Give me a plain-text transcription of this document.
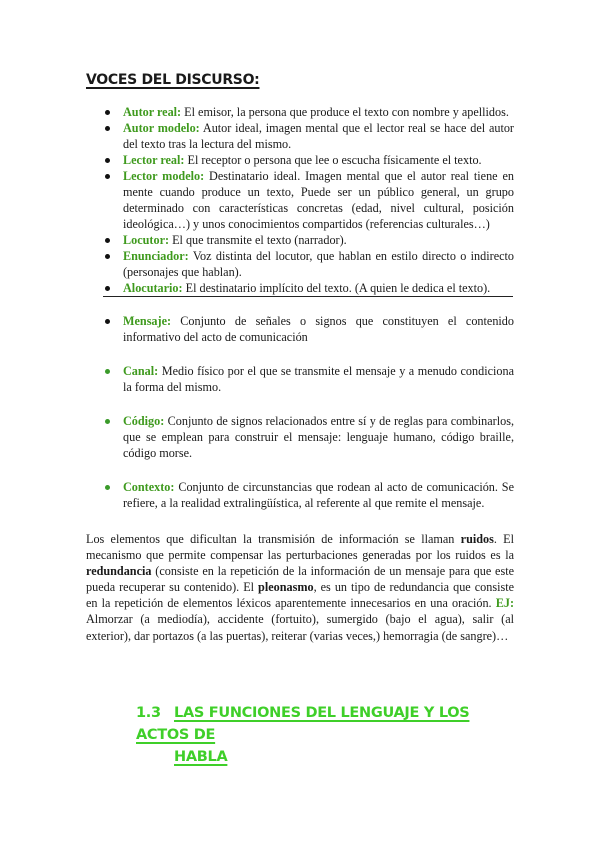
VOCES DEL DISCURSO:
Autor real: El emisor, la persona que produce el texto con nombre y apellidos.
Autor modelo: Autor ideal, imagen mental que el lector real se hace del autor del texto tras la lectura del mismo.
Lector real: El receptor o persona que lee o escucha físicamente el texto.
Lector modelo: Destinatario ideal. Imagen mental que el autor real tiene en mente cuando produce un texto, Puede ser un público general, un grupo determinado con características concretas (edad, nivel cultural, posición ideológica…) y unos conocimientos compartidos (referencias culturales…)
Locutor: El que transmite el texto (narrador).
Enunciador: Voz distinta del locutor, que hablan en estilo directo o indirecto (personajes que hablan).
Alocutario: El destinatario implícito del texto. (A quien le dedica el texto).
Mensaje: Conjunto de señales o signos que constituyen el contenido informativo del acto de comunicación
Canal: Medio físico por el que se transmite el mensaje y a menudo condiciona la forma del mismo.
Código: Conjunto de signos relacionados entre sí y de reglas para combinarlos, que se emplean para construir el mensaje: lenguaje humano, código braille, código morse.
Contexto: Conjunto de circunstancias que rodean al acto de comunicación. Se refiere, a la realidad extralingüística, al referente al que remite el mensaje.

Los elementos que dificultan la transmisión de información se llaman ruidos. El mecanismo que permite compensar las perturbaciones generadas por los ruidos es la redundancia (consiste en la repetición de la información de un mensaje para que este pueda recuperar su contenido). El pleonasmo, es un tipo de redundancia que consiste en la repetición de elementos léxicos aparentemente innecesarios en una oración. EJ: Almorzar (a mediodía), accidente (fortuito), sumergido (bajo el agua), salir (al exterior), dar portazos (a las puertas), reiterar (varias veces,) hemorragia (de sangre)…

1.3 LAS FUNCIONES DEL LENGUAJE Y LOS ACTOS DE
HABLA
